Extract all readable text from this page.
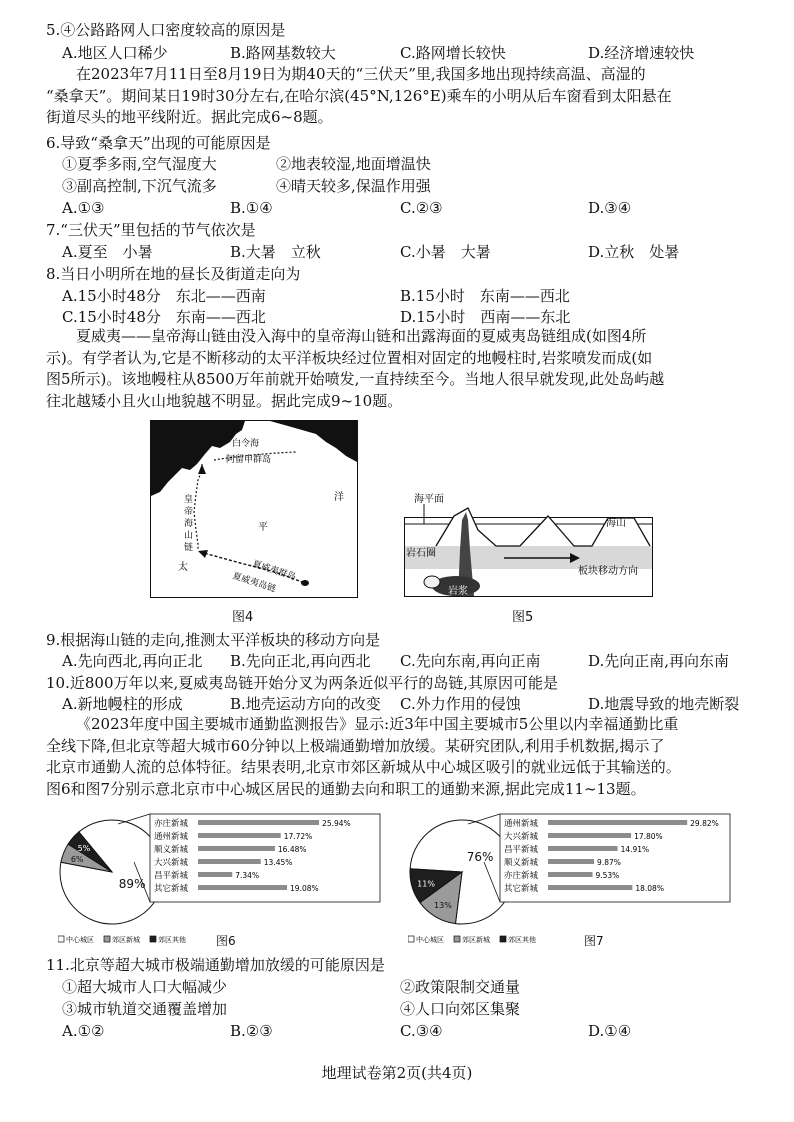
5.④公路路网人口密度较高的原因是
A.地区人口稀少	B.路网基数较大	C.路网增长较快	D.经济增速较快
在2023年7月11日至8月19日为期40天的“三伏天”里,我国多地出现持续高温、高湿的
“桑拿天”。期间某日19时30分左右,在哈尔滨(45°N,126°E)乘车的小明从后车窗看到太阳悬在
街道尽头的地平线附近。据此完成6~8题。
6.导致“桑拿天”出现的可能原因是
①夏季多雨,空气湿度大	②地表较湿,地面增温快
③副高控制,下沉气流多	④晴天较多,保温作用强
A.①③	B.①④	C.②③	D.③④
7.“三伏天”里包括的节气依次是
A.夏至　小暑	B.大暑　立秋	C.小暑　大暑	D.立秋　处暑
8.当日小明所在地的昼长及街道走向为
A.15小时48分　东北——西南	B.15小时　东南——西北
C.15小时48分　东南——西北	D.15小时　西南——东北
夏威夷——皇帝海山链由没入海中的皇帝海山链和出露海面的夏威夷岛链组成(如图4所
示)。有学者认为,它是不断移动的太平洋板块经过位置相对固定的地幔柱时,岩浆喷发而成(如
图5所示)。该地幔柱从8500万年前就开始喷发,一直持续至今。当地人很早就发现,此处岛屿越
往北越矮小且火山地貌越不明显。据此完成9~10题。
白令海
阿留申群岛
皇
帝
海
山
链
洋
平
太	夏威夷群岛
夏威夷岛链
图4
海平面
海山
岩石圈
岩浆
板块移动方向
图5
9.根据海山链的走向,推测太平洋板块的移动方向是
A.先向西北,再向正北 B.先向正北,再向西北 C.先向东南,再向正南	D.先向正南,再向东南
10.近800万年以来,夏威夷岛链开始分叉为两条近似平行的岛链,其原因可能是
A.新地幔柱的形成	B.地壳运动方向的改变 C.外力作用的侵蚀	D.地震导致的地壳断裂
《2023年度中国主要城市通勤监测报告》显示:近3年中国主要城市5公里以内幸福通勤比重
全线下降,但北京等超大城市60分钟以上极端通勤增加放缓。某研究团队,利用手机数据,揭示了
北京市通勤人流的总体特征。结果表明,北京市郊区新城从中心城区吸引的就业远低于其输送的。
图6和图7分别示意北京市中心城区居民的通勤去向和职工的通勤来源,据此完成11~13题。
89%
6%
5%
亦庄新城	25.94%
通州新城	17.72%
顺义新城	16.48%
大兴新城	13.45%
昌平新城	7.34%
其它新城	19.08%
中心城区	郊区新城	郊区其他	图6
76%
13%
11%
通州新城	29.82%
大兴新城	17.80%
昌平新城	14.91%
顺义新城	9.87%
亦庄新城	9.53%
其它新城	18.08%
中心城区	郊区新城	郊区其他	图7
11.北京等超大城市极端通勤增加放缓的可能原因是
①超大城市人口大幅减少	②政策限制交通量
③城市轨道交通覆盖增加	④人口向郊区集聚
A.①②	B.②③	C.③④	D.①④
地理试卷第2页(共4页)
